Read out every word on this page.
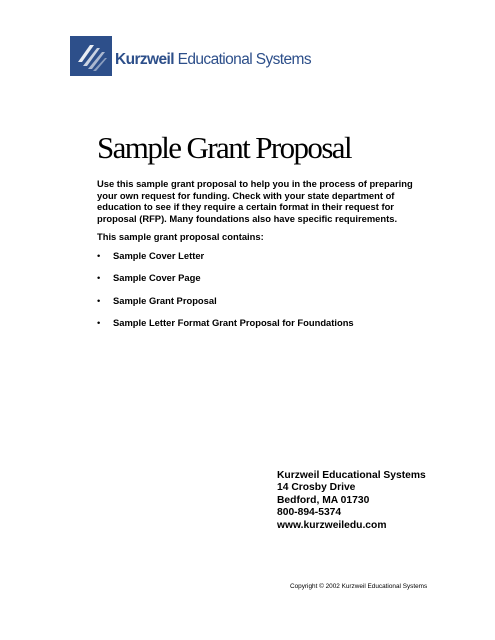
Kurzweil Educational Systems
Sample Grant Proposal

Use this sample grant proposal to help you in the process of preparing your own request for funding. Check with your state department of education to see if they require a certain format in their request for proposal (RFP). Many foundations also have specific requirements.

This sample grant proposal contains:

• Sample Cover Letter
• Sample Cover Page
• Sample Grant Proposal
• Sample Letter Format Grant Proposal for Foundations
Kurzweil Educational Systems
14 Crosby Drive
Bedford, MA 01730
800-894-5374
www.kurzweiledu.com

Copyright © 2002 Kurzweil Educational Systems
